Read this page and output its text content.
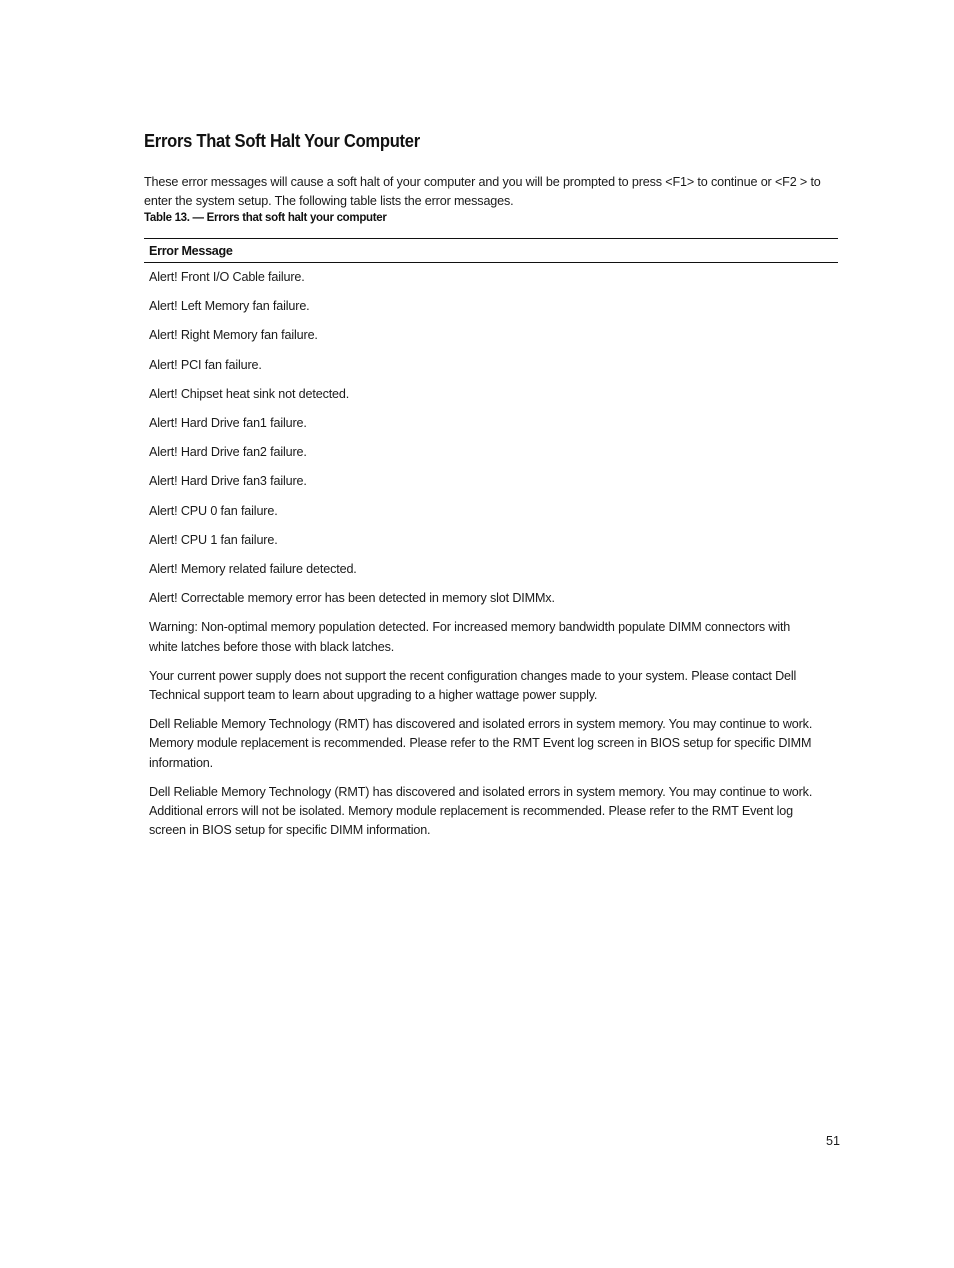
Errors That Soft Halt Your Computer

These error messages will cause a soft halt of your computer and you will be prompted to press <F1> to continue or <F2 > to enter the system setup. The following table lists the error messages.

Table 13. — Errors that soft halt your computer

Error Message
Alert! Front I/O Cable failure.
Alert! Left Memory fan failure.
Alert! Right Memory fan failure.
Alert! PCI fan failure.
Alert! Chipset heat sink not detected.
Alert! Hard Drive fan1 failure.
Alert! Hard Drive fan2 failure.
Alert! Hard Drive fan3 failure.
Alert! CPU 0 fan failure.
Alert! CPU 1 fan failure.
Alert! Memory related failure detected.
Alert! Correctable memory error has been detected in memory slot DIMMx.
Warning: Non-optimal memory population detected. For increased memory bandwidth populate DIMM connectors with white latches before those with black latches.
Your current power supply does not support the recent configuration changes made to your system. Please contact Dell Technical support team to learn about upgrading to a higher wattage power supply.
Dell Reliable Memory Technology (RMT) has discovered and isolated errors in system memory. You may continue to work. Memory module replacement is recommended. Please refer to the RMT Event log screen in BIOS setup for specific DIMM information.
Dell Reliable Memory Technology (RMT) has discovered and isolated errors in system memory. You may continue to work. Additional errors will not be isolated. Memory module replacement is recommended. Please refer to the RMT Event log screen in BIOS setup for specific DIMM information.
51
